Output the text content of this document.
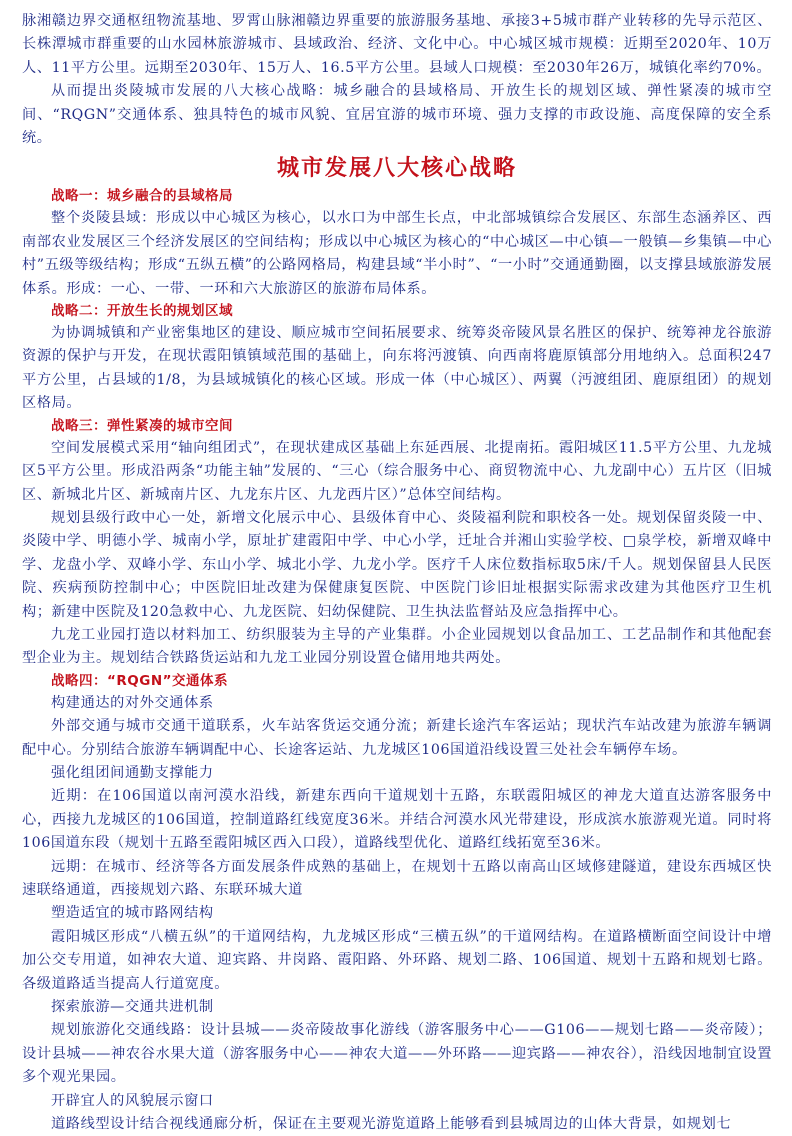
脉湘赣边界交通枢纽物流基地、罗霄山脉湘赣边界重要的旅游服务基地、承接3+5城市群产业转移的先导示范区、长株潭城市群重要的山水园林旅游城市、县域政治、经济、文化中心。中心城区城市规模：近期至2020年、10万人、11平方公里。远期至2030年、15万人、16.5平方公里。县域人口规模：至2030年26万，城镇化率约70%。

从而提出炎陵城市发展的八大核心战略：城乡融合的县域格局、开放生长的规划区域、弹性紧凑的城市空间、“RQGN”交通体系、独具特色的城市风貌、宜居宜游的城市环境、强力支撑的市政设施、高度保障的安全系统。

城市发展八大核心战略
战略一：城乡融合的县域格局

整个炎陵县域：形成以中心城区为核心，以水口为中部生长点，中北部城镇综合发展区、东部生态涵养区、西南部农业发展区三个经济发展区的空间结构；形成以中心城区为核心的“中心城区—中心镇—一般镇—乡集镇—中心村”五级等级结构；形成“五纵五横”的公路网格局，构建县域“半小时”、“一小时”交通通勤圈，以支撑县域旅游发展体系。形成：一心、一带、一环和六大旅游区的旅游布局体系。

战略二：开放生长的规划区域

为协调城镇和产业密集地区的建设、顺应城市空间拓展要求、统筹炎帝陵风景名胜区的保护、统筹神龙谷旅游资源的保护与开发，在现状霞阳镇镇域范围的基础上，向东将沔渡镇、向西南将鹿原镇部分用地纳入。总面积247平方公里，占县域的1/8，为县域城镇化的核心区域。形成一体（中心城区）、两翼（沔渡组团、鹿原组团）的规划区格局。

战略三：弹性紧凑的城市空间

空间发展模式采用“轴向组团式”，在现状建成区基础上东延西展、北提南拓。霞阳城区11.5平方公里、九龙城区5平方公里。形成沿两条“功能主轴”发展的、“三心（综合服务中心、商贸物流中心、九龙副中心）五片区（旧城区、新城北片区、新城南片区、九龙东片区、九龙西片区）”总体空间结构。

规划县级行政中心一处，新增文化展示中心、县级体育中心、炎陵福利院和职校各一处。规划保留炎陵一中、炎陵中学、明德小学、城南小学，原址扩建霞阳中学、中心小学，迁址合并湘山实验学校、□泉学校，新增双峰中学、龙盘小学、双峰小学、东山小学、城北小学、九龙小学。医疗千人床位数指标取5床/千人。规划保留县人民医院、疾病预防控制中心；中医院旧址改建为保健康复医院、中医院门诊旧址根据实际需求改建为其他医疗卫生机构；新建中医院及120急救中心、九龙医院、妇幼保健院、卫生执法监督站及应急指挥中心。

九龙工业园打造以材料加工、纺织服装为主导的产业集群。小企业园规划以食品加工、工艺品制作和其他配套型企业为主。规划结合铁路货运站和九龙工业园分别设置仓储用地共两处。

战略四：“RQGN”交通体系

构建通达的对外交通体系

外部交通与城市交通干道联系，火车站客货运交通分流；新建长途汽车客运站；现状汽车站改建为旅游车辆调配中心。分别结合旅游车辆调配中心、长途客运站、九龙城区106国道沿线设置三处社会车辆停车场。

强化组团间通勤支撑能力

近期：在106国道以南河漠水沿线，新建东西向干道规划十五路，东联霞阳城区的神龙大道直达游客服务中心，西接九龙城区的106国道，控制道路红线宽度36米。并结合河漠水风光带建设，形成滨水旅游观光道。同时将106国道东段（规划十五路至霞阳城区西入口段），道路线型优化、道路红线拓宽至36米。

远期：在城市、经济等各方面发展条件成熟的基础上，在规划十五路以南高山区域修建隧道，建设东西城区快速联络通道，西接规划六路、东联环城大道

塑造适宜的城市路网结构

霞阳城区形成“八横五纵”的干道网结构，九龙城区形成“三横五纵”的干道网结构。在道路横断面空间设计中增加公交专用道，如神农大道、迎宾路、井岗路、霞阳路、外环路、规划二路、106国道、规划十五路和规划七路。各级道路适当提高人行道宽度。

探索旅游—交通共进机制

规划旅游化交通线路：设计县城——炎帝陵故事化游线（游客服务中心——G106——规划七路——炎帝陵）；设计县城——神农谷水果大道（游客服务中心——神农大道——外环路——迎宾路——神农谷），沿线因地制宜设置多个观光果园。

开辟宜人的风貌展示窗口

道路线型设计结合视线通廊分析，保证在主要观光游览道路上能够看到县城周边的山体大背景，如规划七
